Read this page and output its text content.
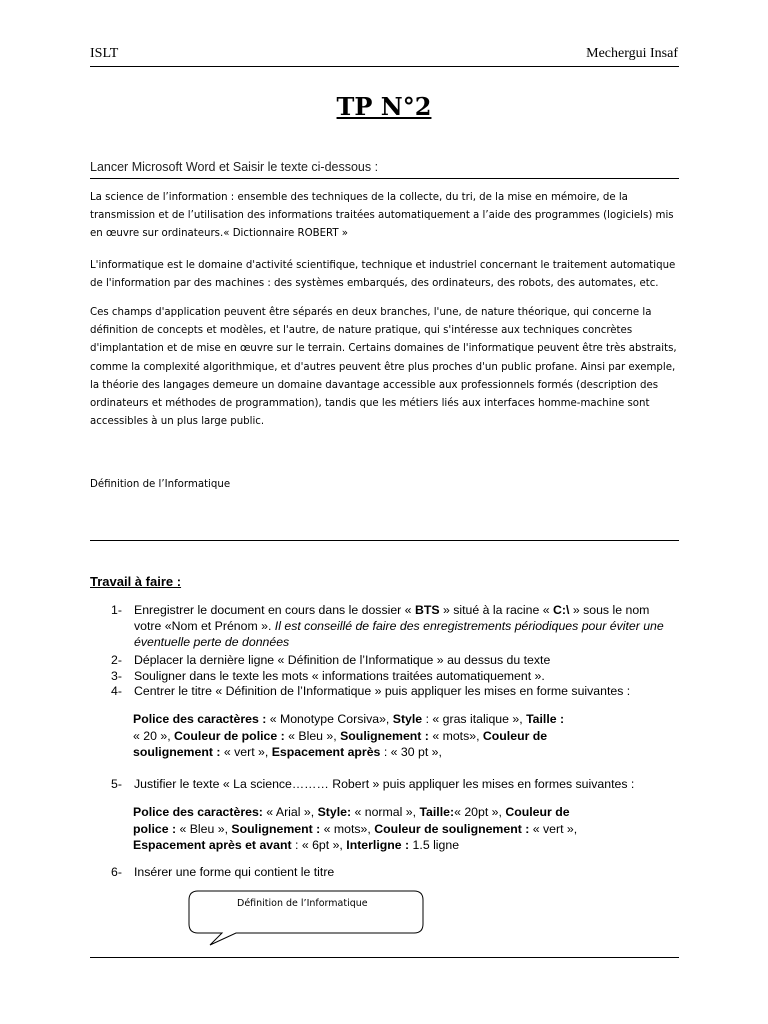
ISLT	Mechergui Insaf
TP N°2
Lancer Microsoft Word et Saisir le texte ci-dessous :
La science de l’information : ensemble des techniques de la collecte, du tri, de la mise en mémoire, de la
transmission et de l’utilisation des informations traitées automatiquement a l’aide des programmes (logiciels) mis
en œuvre sur ordinateurs.« Dictionnaire ROBERT »
L'informatique est le domaine d'activité scientifique, technique et industriel concernant le traitement automatique
de l'information par des machines : des systèmes embarqués, des ordinateurs, des robots, des automates, etc.
Ces champs d'application peuvent être séparés en deux branches, l'une, de nature théorique, qui concerne la
définition de concepts et modèles, et l'autre, de nature pratique, qui s'intéresse aux techniques concrètes
d'implantation et de mise en œuvre sur le terrain. Certains domaines de l'informatique peuvent être très abstraits,
comme la complexité algorithmique, et d'autres peuvent être plus proches d'un public profane. Ainsi par exemple,
la théorie des langages demeure un domaine davantage accessible aux professionnels formés (description des
ordinateurs et méthodes de programmation), tandis que les métiers liés aux interfaces homme-machine sont
accessibles à un plus large public.
Définition de l’Informatique
Travail à faire :
1- Enregistrer le document en cours dans le dossier « BTS » situé à la racine « C:\ » sous le nom
votre «Nom et Prénom ». Il est conseillé de faire des enregistrements périodiques pour éviter une
éventuelle perte de données
2- Déplacer la dernière ligne « Définition de l’Informatique » au dessus du texte
3- Souligner dans le texte les mots « informations traitées automatiquement ».
4- Centrer le titre « Définition de l’Informatique » puis appliquer les mises en forme suivantes :
Police des caractères : « Monotype Corsiva», Style : « gras italique », Taille :
« 20 », Couleur de police : « Bleu », Soulignement : « mots», Couleur de
soulignement : « vert », Espacement après : « 30 pt »,
5- Justifier le texte « La science……… Robert » puis appliquer les mises en formes suivantes :
Police des caractères: « Arial », Style: « normal », Taille:« 20pt », Couleur de
police : « Bleu », Soulignement : « mots», Couleur de soulignement : « vert »,
Espacement après et avant : « 6pt », Interligne : 1.5 ligne
6- Insérer une forme qui contient le titre
Définition de l’Informatique
